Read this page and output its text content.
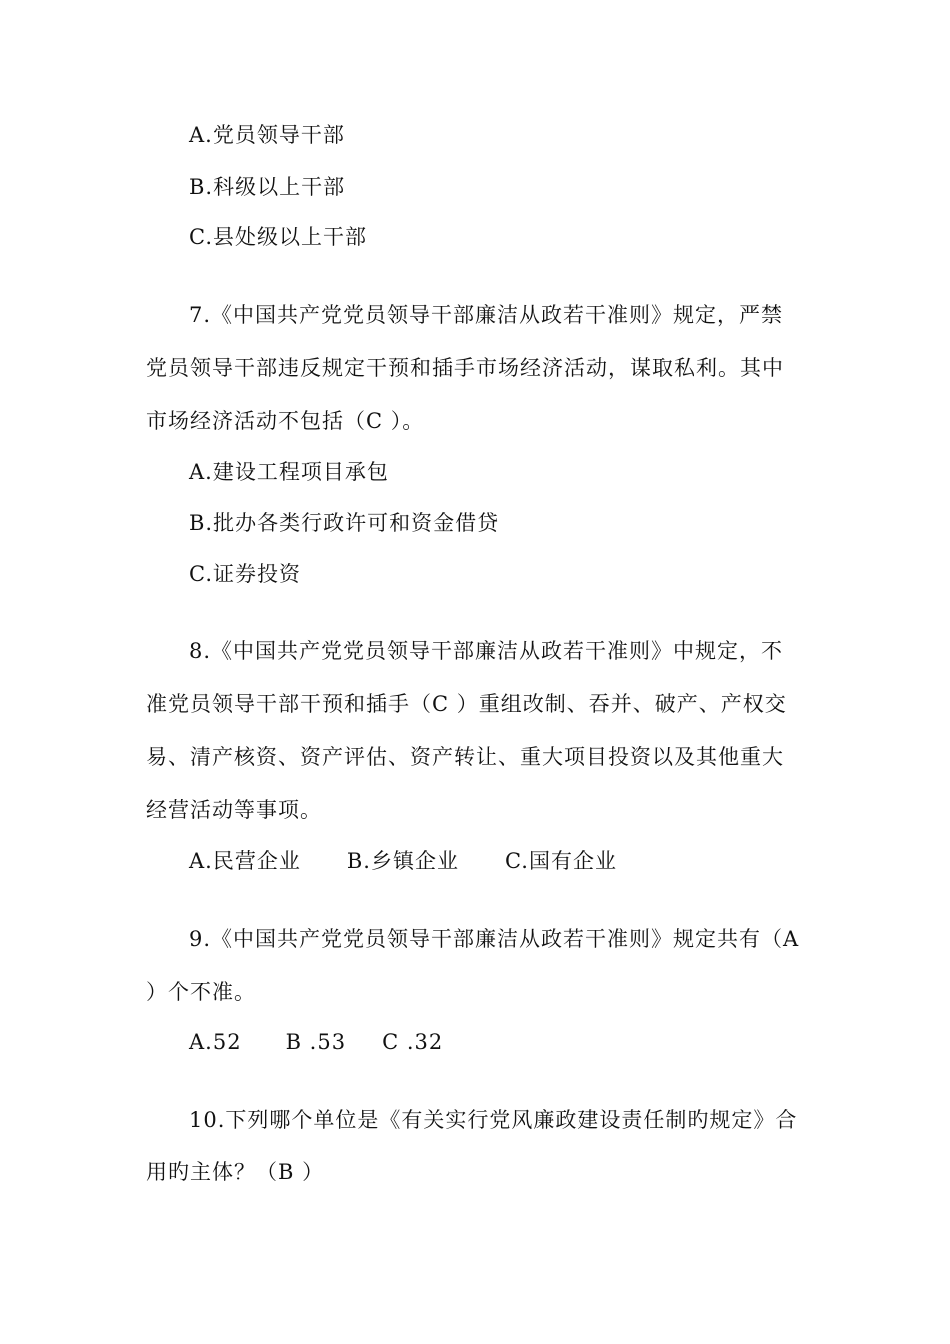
A.党员领导干部
B.科级以上干部
C.县处级以上干部
7.《中国共产党党员领导干部廉洁从政若干准则》规定，严禁
党员领导干部违反规定干预和插手市场经济活动，谋取私利。其中
市场经济活动不包括（C ）。
A.建设工程项目承包
B.批办各类行政许可和资金借贷
C.证券投资
8.《中国共产党党员领导干部廉洁从政若干准则》中规定，不
准党员领导干部干预和插手（C ）重组改制、吞并、破产、产权交
易、清产核资、资产评估、资产转让、重大项目投资以及其他重大
经营活动等事项。
A.民营企业 B.乡镇企业 C.国有企业
9.《中国共产党党员领导干部廉洁从政若干准则》规定共有（A
）个不准。
A.52 B .53 C .32
10.下列哪个单位是《有关实行党风廉政建设责任制旳规定》合
用旳主体？（B ）
